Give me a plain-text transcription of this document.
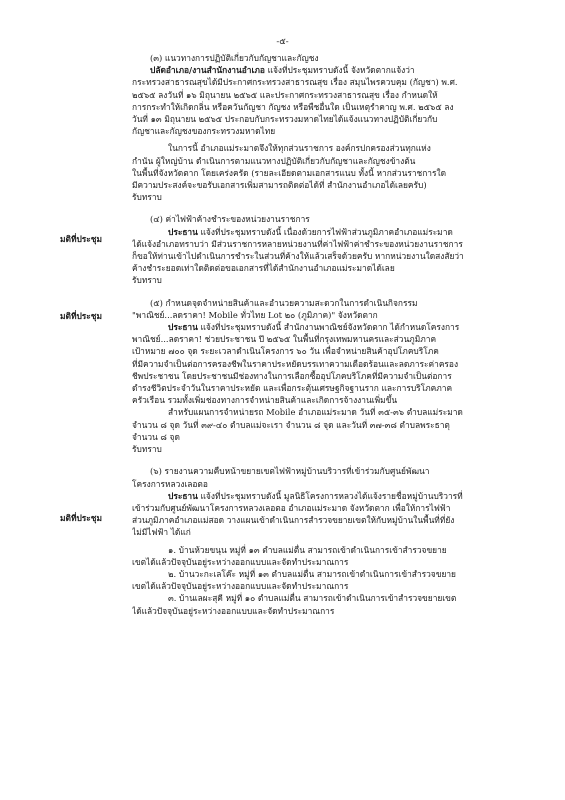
-๕-
มติที่ประชุม
มติที่ประชุม
มติที่ประชุม

(๓) แนวทางการปฏิบัติเกี่ยวกับกัญชาและกัญชง

ปลัดอำเภอ/งานสำนักงานอำเภอ แจ้งที่ประชุมทราบดังนี้ จังหวัดตากแจ้งว่า

กระทรวงสาธารณสุขได้มีประกาศกระทรวงสาธารณสุข เรื่อง สมุนไพรควบคุม (กัญชา) พ.ศ.

๒๕๖๕ ลงวันที่ ๑๖ มิถุนายน ๒๕๖๕ และประกาศกระทรวงสาธารณสุข เรื่อง กำหนดให้

การกระทำให้เกิดกลิ่น หรือควันกัญชา กัญชง หรือพืชอื่นใด เป็นเหตุรำคาญ พ.ศ. ๒๕๖๕ ลง

วันที่ ๑๓ มิถุนายน ๒๕๖๕ ประกอบกับกระทรวงมหาดไทยได้แจ้งแนวทางปฏิบัติเกี่ยวกับ

กัญชาและกัญชงของกระทรวงมหาดไทย

ในการนี้ อำเภอแม่ระมาดจึงให้ทุกส่วนราชการ องค์กรปกครองส่วนทุกแห่ง

กำนัน ผู้ใหญ่บ้าน ดำเนินการตามแนวทางปฏิบัติเกี่ยวกับกัญชาและกัญชงข้างต้น

ในพื้นที่จังหวัดตาก โดยเคร่งครัด (รายละเอียดตามเอกสารแนบ ทั้งนี้ หากส่วนราชการใด

มีความประสงค์จะขอรับเอกสารเพิ่มสามารถติดต่อได้ที่ สำนักงานอำเภอได้เลยครับ)

รับทราบ

(๔) ค่าไฟฟ้าค้างชำระของหน่วยงานราชการ

ประธาน แจ้งที่ประชุมทราบดังนี้ เนื่องด้วยการไฟฟ้าส่วนภูมิภาคอำเภอแม่ระมาด

ได้แจ้งอำเภอทราบว่า มีส่วนราชการหลายหน่วยงานที่ค่าไฟฟ้าค่าชำระของหน่วยงานราชการ

ก็ขอให้ท่านเข้าไปดำเนินการชำระในส่วนที่ค้างให้แล้วเสร็จด้วยครับ หากหน่วยงานใดสงสัยว่า

ค้างชำระยอดเท่าใดติดต่อขอเอกสารที่ได้สำนักงานอำเภอแม่ระมาดได้เลย

รับทราบ

(๕) กำหนดจุดจำหน่ายสินค้าและอำนวยความสะดวกในการดำเนินกิจกรรม

"พาณิชย์...ลดราคา! Mobile ทั่วไทย Lot ๒๐ (ภูมิภาค)" จังหวัดตาก

ประธาน แจ้งที่ประชุมทราบดังนี้ สำนักงานพาณิชย์จังหวัดตาก ได้กำหนดโครงการ

พาณิชย์...ลดราคา! ช่วยประชาชน ปี ๒๕๖๕ ในพื้นที่กรุงเทพมหานครและส่วนภูมิภาค

เป้าหมาย ๗๐๐ จุด ระยะเวลาดำเนินโครงการ ๖๐ วัน เพื่อจำหน่ายสินค้าอุปโภคบริโภค

ที่มีความจำเป็นต่อการครองชีพในราคาประหยัดบรรเทาความเดือดร้อนและลดภาระค่าครอง

ชีพประชาชน โดยประชาชนมีช่องทางในการเลือกซื้ออุปโภคบริโภคที่มีความจำเป็นต่อการ

ดำรงชีวิตประจำวันในราคาประหยัด และเพื่อกระตุ้นเศรษฐกิจฐานราก และการบริโภคภาค

ครัวเรือน รวมทั้งเพิ่มช่องทางการจำหน่ายสินค้าและเกิดการจ้างงานเพิ่มขึ้น

สำหรับแผนการจำหน่ายรถ Mobile อำเภอแม่ระมาด วันที่ ๓๕-๓๖ ตำบลแม่ระมาด

จำนวน ๘ จุด วันที่ ๓๙-๔๐ ตำบลแม่จะเรา จำนวน ๘ จุด และวันที่ ๓๗-๓๘ ตำบลพระธาตุ

จำนวน ๘ จุด

รับทราบ

(๖) รายงานความคืบหน้าขยายเขตไฟฟ้าหมู่บ้านบริวารที่เข้าร่วมกับศูนย์พัฒนา

โครงการหลวงเลอตอ

ประธาน แจ้งที่ประชุมทราบดังนี้ มูลนิธิโครงการหลวงได้แจ้งรายชื่อหมู่บ้านบริวารที่

เข้าร่วมกับศูนย์พัฒนาโครงการหลวงเลอตอ อำเภอแม่ระมาด จังหวัดตาก เพื่อให้การไฟฟ้า

ส่วนภูมิภาคอำเภอแม่สอด วางแผนเข้าดำเนินการสำรวจขยายเขตให้กับหมู่บ้านในพื้นที่ที่ยัง

ไม่มีไฟฟ้า ได้แก่

๑. บ้านห้วยขนุน หมู่ที่ ๑๓ ตำบลแม่ตื่น สามารถเข้าดำเนินการเข้าสำรวจขยาย

เขตได้แล้วปัจจุบันอยู่ระหว่างออกแบบและจัดทำประมาณการ

๒. บ้านวะกะเลโค๊ะ หมู่ที่ ๑๓ ตำบลแม่ตื่น สามารถเข้าดำเนินการเข้าสำรวจขยาย

เขตได้แล้วปัจจุบันอยู่ระหว่างออกแบบและจัดทำประมาณการ

๓. บ้านเลผะสุคี หมู่ที่ ๑๐ ตำบลแม่ตื่น สามารถเข้าดำเนินการเข้าสำรวจขยายเขต

ได้แล้วปัจจุบันอยู่ระหว่างออกแบบและจัดทำประมาณการ
